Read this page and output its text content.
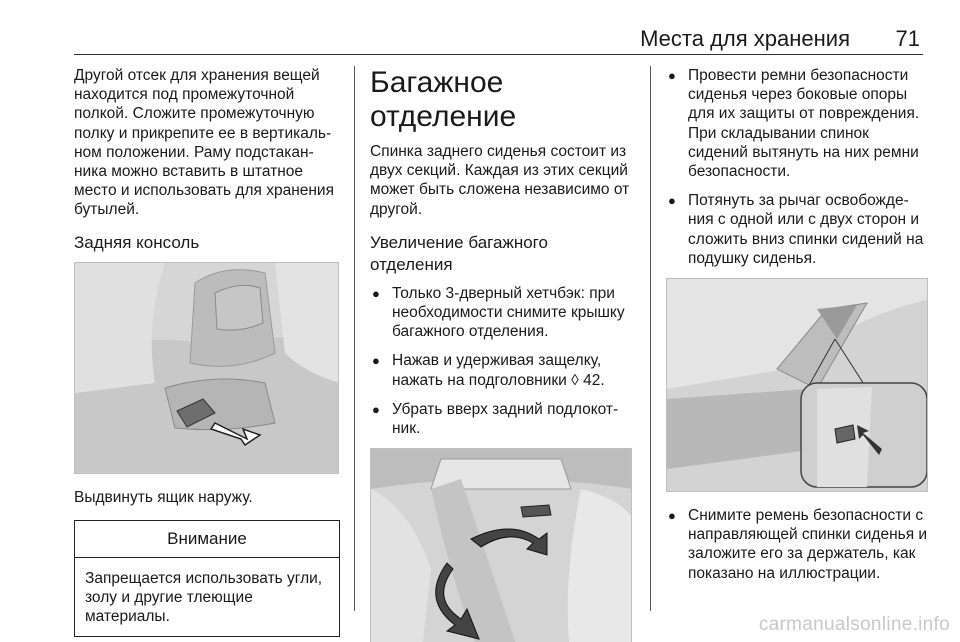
Места для хранения 71

Другой отсек для хранения вещей находится под промежуточной полкой. Сложите промежуточную полку и прикрепите ее в вертикальном положении. Раму подстаканника можно вставить в штатное место и использовать для хранения бутылей.

Задняя консоль

Выдвинуть ящик наружу.

Внимание
Запрещается использовать угли, золу и другие тлеющие материалы.
Багажное отделение

Спинка заднего сиденья состоит из двух секций. Каждая из этих секций может быть сложена независимо от другой.

Увеличение багажного отделения
● Только 3-дверный хетчбэк: при необходимости снимите крышку багажного отделения.
● Нажав и удерживая защелку, нажать на подголовники ◊ 42.
● Убрать вверх задний подлокотник.
● Провести ремни безопасности сиденья через боковые опоры для их защиты от повреждения. При складывании спинок сидений вытянуть на них ремни безопасности.
● Потянуть за рычаг освобождения с одной или с двух сторон и сложить вниз спинки сидений на подушку сиденья.
● Снимите ремень безопасности с направляющей спинки сиденья и заложите его за держатель, как показано на иллюстрации.
carmanualsonline.info
